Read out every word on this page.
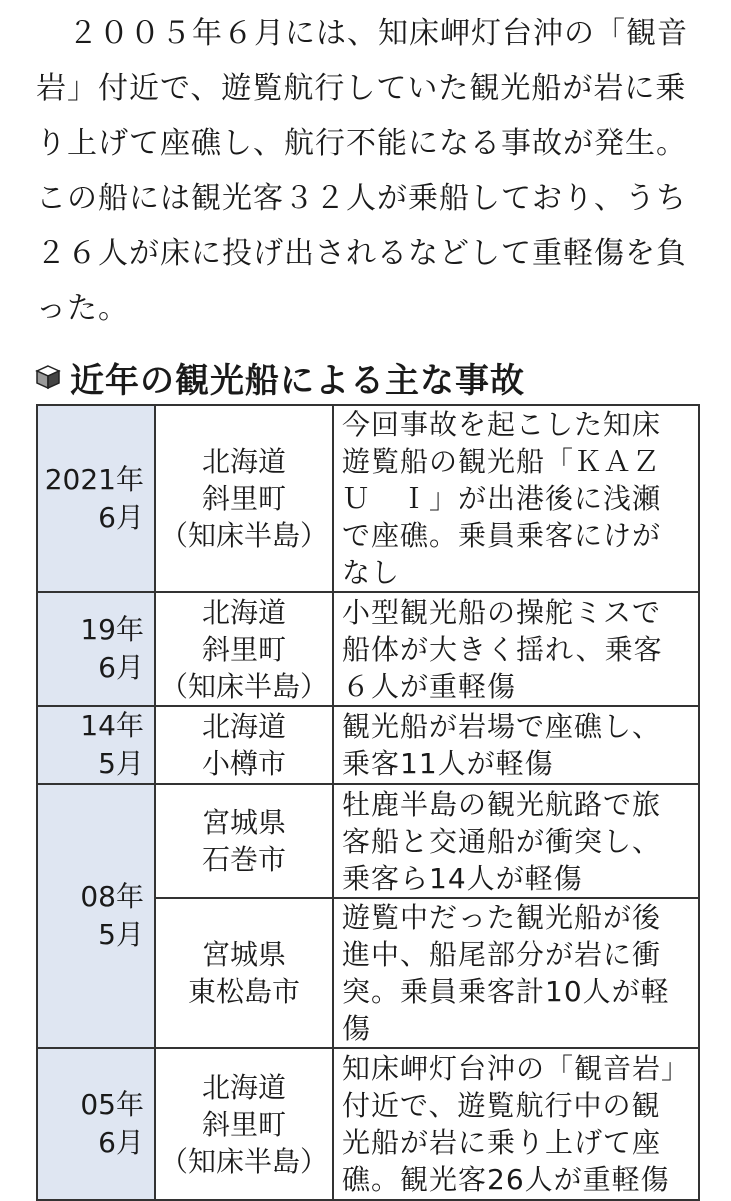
２００５年６月には、知床岬灯台沖の「観音
岩」付近で、遊覧航行していた観光船が岩に乗
り上げて座礁し、航行不能になる事故が発生。
この船には観光客３２人が乗船しており、うち
２６人が床に投げ出されるなどして重軽傷を負
った。
近年の観光船による主な事故
2021年
6月	北海道
斜里町
（知床半島）	今回事故を起こした知床
遊覧船の観光船「ＫＡＺ
Ｕ　Ｉ」が出港後に浅瀬
で座礁。乗員乗客にけが
なし

19年
6月	北海道
斜里町
（知床半島）	小型観光船の操舵ミスで
船体が大きく揺れ、乗客
６人が重軽傷

14年
5月	北海道
小樽市	観光船が岩場で座礁し、
乗客11人が軽傷

08年
5月	宮城県
石巻市	牡鹿半島の観光航路で旅
客船と交通船が衝突し、
乗客ら14人が軽傷

	宮城県
東松島市	遊覧中だった観光船が後
進中、船尾部分が岩に衝
突。乗員乗客計10人が軽
傷

05年
6月	北海道
斜里町
（知床半島）	知床岬灯台沖の「観音岩」
付近で、遊覧航行中の観
光船が岩に乗り上げて座
礁。観光客26人が重軽傷
